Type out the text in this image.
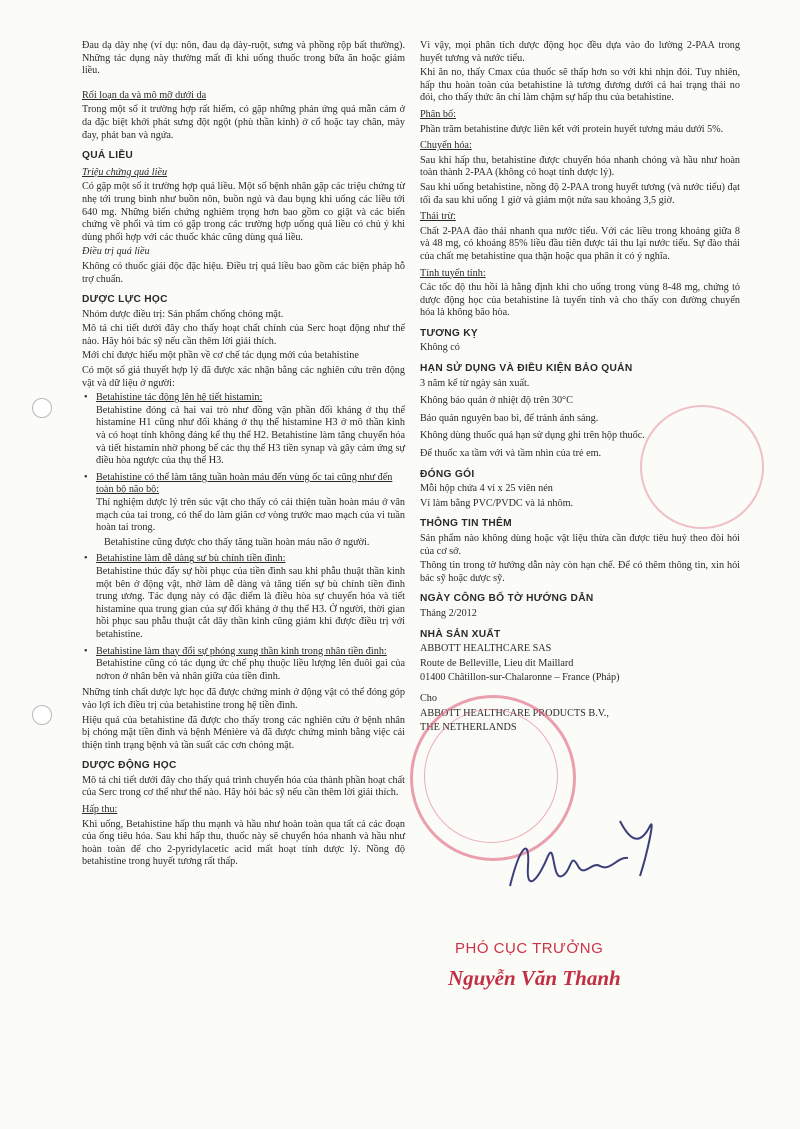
Đau dạ dày nhẹ (ví dụ: nôn, đau dạ dày-ruột, sưng và phồng rộp bất thường). Những tác dụng này thường mất đi khi uống thuốc trong bữa ăn hoặc giảm liều.

Rối loạn da và mô mỡ dưới da

Trong một số ít trường hợp rất hiếm, có gặp những phản ứng quá mẫn cảm ở da đặc biệt khởi phát sưng đột ngột (phù thần kinh) ở cổ hoặc tay chân, mày đay, phát ban và ngứa.

QUÁ LIỀU

Triệu chứng quá liều

Có gặp một số ít trường hợp quá liều. Một số bệnh nhân gặp các triệu chứng từ nhẹ tới trung bình như buồn nôn, buồn ngủ và đau bụng khi uống các liều tới 640 mg. Những biến chứng nghiêm trọng hơn bao gồm co giật và các biến chứng về phổi và tim có gặp trong các trường hợp uống quá liều có chủ ý khi dùng phối hợp với các thuốc khác cũng dùng quá liều.

Điều trị quá liều

Không có thuốc giải độc đặc hiệu. Điều trị quá liều bao gồm các biện pháp hỗ trợ chuẩn.

DƯỢC LỰC HỌC

Nhóm dược điều trị: Sản phẩm chống chóng mặt.

Mô tả chi tiết dưới đây cho thấy hoạt chất chính của Serc hoạt động như thế nào. Hãy hỏi bác sỹ nếu cần thêm lời giải thích.

Mới chỉ được hiểu một phần về cơ chế tác dụng mới của betahistine

Có một số giả thuyết hợp lý đã được xác nhận bằng các nghiên cứu trên động vật và dữ liệu ở người:

• Betahistine tác động lên hệ tiết histamin:

Betahistine đóng cả hai vai trò như đồng vận phần đối kháng ở thụ thể histamine H1 cũng như đối kháng ở thụ thể histamine H3 ở mô thần kinh và có hoạt tính không đáng kể thụ thể H2. Betahistine làm tăng chuyển hóa và tiết histamin nhờ phong bế các thụ thể H3 tiền synap và gây cảm ứng sự điều hòa ngược của thụ thể H3.

• Betahistine có thể làm tăng tuần hoàn máu đến vùng ốc tai cũng như đến toàn bộ não bộ:

Thí nghiệm dược lý trên súc vật cho thấy có cải thiện tuần hoàn máu ở vân mạch của tai trong, có thể do làm giãn cơ vòng trước mao mạch của vi tuần hoàn tai trong.

Betahistine cũng được cho thấy tăng tuần hoàn máu não ở người.

• Betahistine làm dễ dàng sự bù chính tiền đình:

Betahistine thúc đẩy sự hồi phục của tiền đình sau khi phẫu thuật thần kinh một bên ở động vật, nhờ làm dễ dàng và tăng tiến sự bù chính tiền đình trung ương. Tác dụng này có đặc điểm là điều hòa sự chuyển hóa và tiết histamine qua trung gian của sự đối kháng ở thụ thể H3. Ở người, thời gian hồi phục sau phẫu thuật cắt dây thần kinh cũng giảm khi được điều trị với betahistine.

• Betahistine làm thay đổi sự phóng xung thần kinh trong nhân tiền đình:

Betahistine cũng có tác dụng ức chế phụ thuộc liều lượng lên đuôi gai của nơron ở nhân bên và nhân giữa của tiền đình.

Những tính chất dược lực học đã được chứng minh ở động vật có thể đóng góp vào lợi ích điều trị của betahistine trong hệ tiền đình.

Hiệu quả của betahistine đã được cho thấy trong các nghiên cứu ở bệnh nhân bị chóng mặt tiền đình và bệnh Ménière và đã được chứng minh bằng việc cải thiện tình trạng bệnh và tần suất các cơn chóng mặt.

DƯỢC ĐỘNG HỌC

Mô tả chi tiết dưới đây cho thấy quá trình chuyển hóa của thành phần hoạt chất của Serc trong cơ thể như thế nào. Hãy hỏi bác sỹ nếu cần thêm lời giải thích.

Hấp thu:

Khi uống, Betahistine hấp thu mạnh và hầu như hoàn toàn qua tất cả các đoạn của ống tiêu hóa. Sau khi hấp thu, thuốc này sẽ chuyển hóa nhanh và hầu như hoàn toàn để cho 2-pyridylacetic acid mất hoạt tính dược lý. Nồng độ betahistine trong huyết tương rất thấp.

Vì vậy, mọi phân tích dược động học đều dựa vào đo lường 2-PAA trong huyết tương và nước tiểu.

Khi ăn no, thấy Cmax của thuốc sẽ thấp hơn so với khi nhịn đói. Tuy nhiên, hấp thu hoàn toàn của betahistine là tương đương dưới cả hai trạng thái no đói, cho thấy thức ăn chỉ làm chậm sự hấp thu của betahistine.

Phân bố:

Phần trăm betahistine được liên kết với protein huyết tương máu dưới 5%.

Chuyển hóa:

Sau khi hấp thu, betahistine được chuyển hóa nhanh chóng và hầu như hoàn toàn thành 2-PAA (không có hoạt tính dược lý).

Sau khi uống betahistine, nồng độ 2-PAA trong huyết tương (và nước tiểu) đạt tối đa sau khi uống 1 giờ và giảm một nửa sau khoảng 3,5 giờ.

Thải trừ:

Chất 2-PAA đào thải nhanh qua nước tiểu. Với các liều trong khoảng giữa 8 và 48 mg, có khoảng 85% liều đầu tiên được tái thu lại nước tiểu. Sự đào thải của chất mẹ betahistine qua thận hoặc qua phân ít có ý nghĩa.

Tính tuyến tính:

Các tốc độ thu hồi là hằng định khi cho uống trong vùng 8-48 mg, chứng tỏ dược động học của betahistine là tuyến tính và cho thấy con đường chuyển hóa là không bão hòa.

TƯƠNG KỴ

Không có

HẠN SỬ DỤNG VÀ ĐIỀU KIỆN BẢO QUẢN

3 năm kể từ ngày sản xuất.

Không bảo quản ở nhiệt độ trên 30°C

Bảo quản nguyên bao bì, để tránh ánh sáng.

Không dùng thuốc quá hạn sử dụng ghi trên hộp thuốc.

Để thuốc xa tầm với và tầm nhìn của trẻ em.

ĐÓNG GÓI

Mỗi hộp chứa 4 vỉ x 25 viên nén

Vỉ làm bằng PVC/PVDC và lá nhôm.

THÔNG TIN THÊM

Sản phẩm nào không dùng hoặc vật liệu thừa cần được tiêu huỷ theo đòi hỏi của cơ sở.

Thông tin trong tờ hướng dẫn này còn hạn chế. Để có thêm thông tin, xin hỏi bác sỹ hoặc dược sỹ.

NGÀY CÔNG BỐ TỜ HƯỚNG DẪN

Tháng 2/2012

NHÀ SẢN XUẤT

ABBOTT HEALTHCARE SAS

Route de Belleville, Lieu dit Maillard

01400 Châtillon-sur-Chalaronne – France (Pháp)

Cho

ABBOTT HEALTHCARE PRODUCTS B.V.,

THE NETHERLANDS

PHÓ CỤC TRƯỞNG
Nguyễn Văn Thanh
